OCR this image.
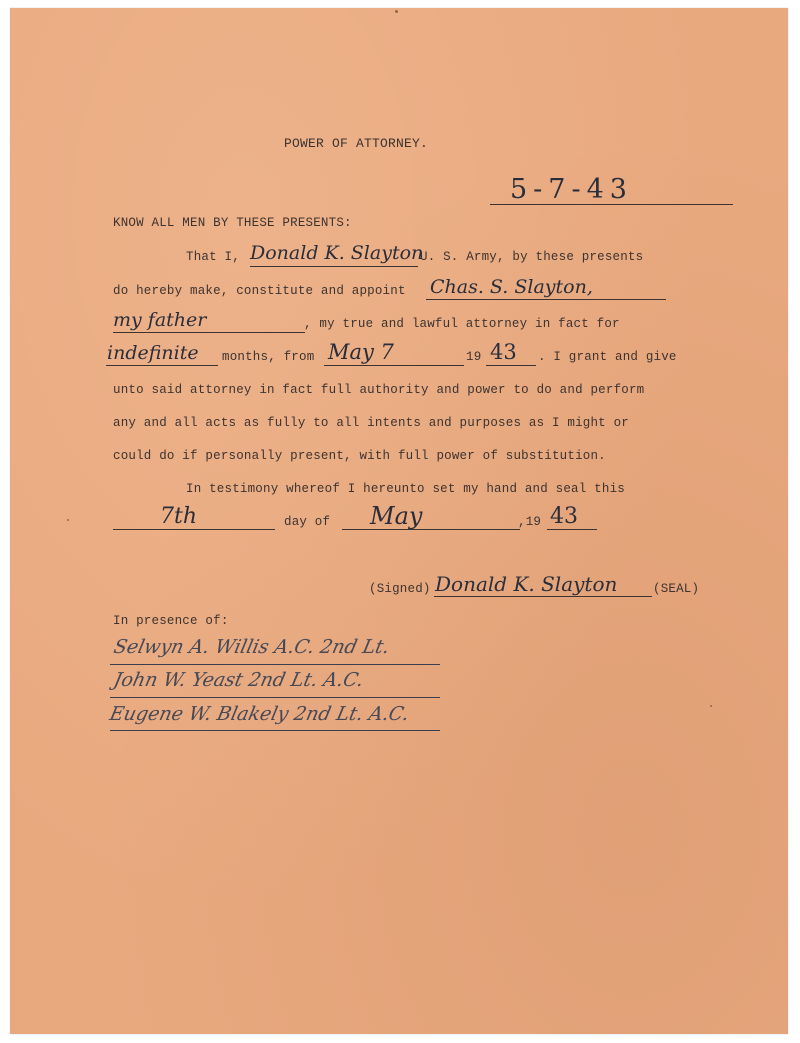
POWER OF ATTORNEY.
5-7-43
KNOW ALL MEN BY THESE PRESENTS:
That I, Donald K. Slayton
U. S. Army, by these presents
do hereby make, constitute and appoint Chas. S. Slayton,
my father	, my true and lawful attorney in fact for
indefinite months, from May 7	19 43 . I grant and give
unto said attorney in fact full authority and power to do and perform
any and all acts as fully to all intents and purposes as I might or
could do if personally present, with full power of substitution.
In testimony whereof I hereunto set my hand and seal this
7th	day of May	,19 43
(Signed) Donald K. Slayton	(SEAL)
In presence of:
Selwyn A. Willis A.C. 2nd Lt.
John W. Yeast 2nd Lt. A.C.
Eugene W. Blakely 2nd Lt. A.C.
